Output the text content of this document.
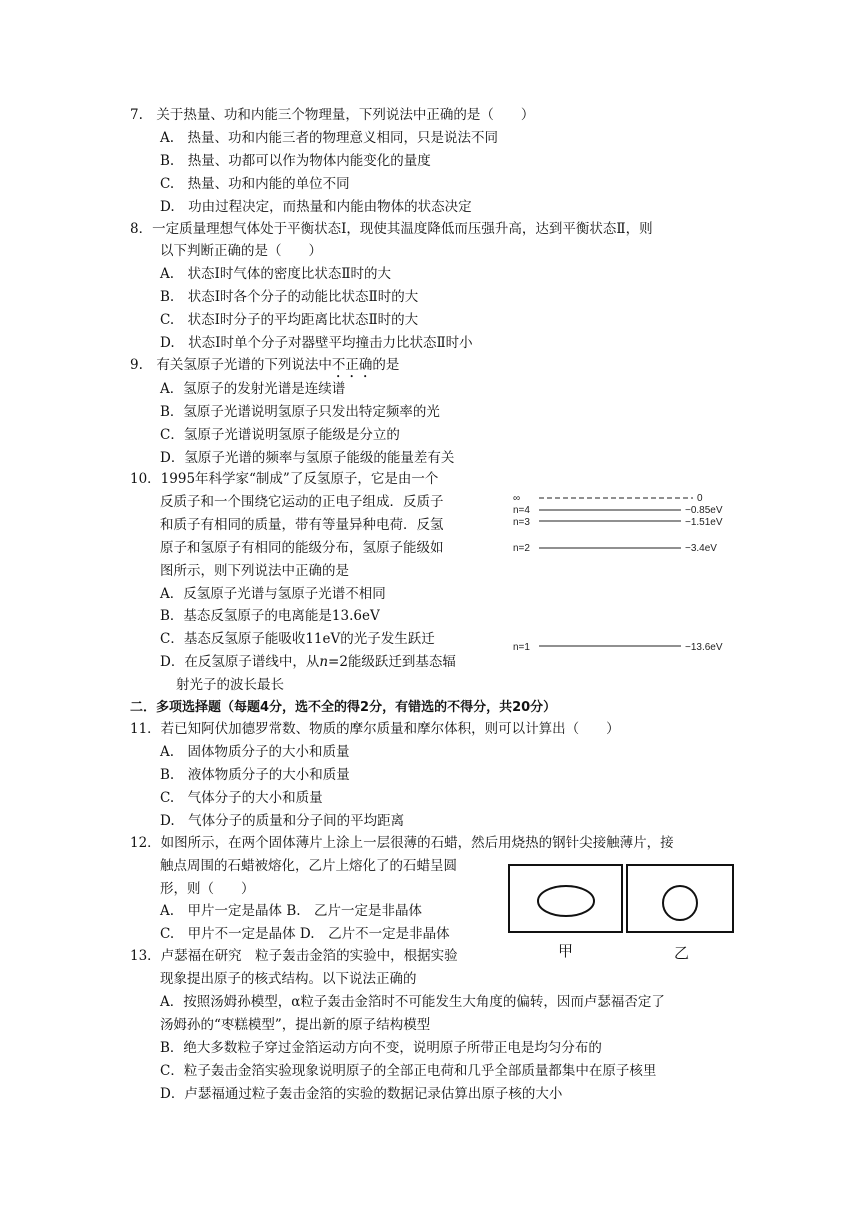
7.　关于热量、功和内能三个物理量，下列说法中正确的是（　　）
A.　热量、功和内能三者的物理意义相同，只是说法不同
B.　热量、功都可以作为物体内能变化的量度
C.　热量、功和内能的单位不同
D.　功由过程决定，而热量和内能由物体的状态决定
8．一定质量理想气体处于平衡状态Ⅰ，现使其温度降低而压强升高，达到平衡状态Ⅱ，则
以下判断正确的是（　　）
A.　状态Ⅰ时气体的密度比状态Ⅱ时的大
B.　状态Ⅰ时各个分子的动能比状态Ⅱ时的大
C.　状态Ⅰ时分子的平均距离比状态Ⅱ时的大
D.　状态Ⅰ时单个分子对器壁平均撞击力比状态Ⅱ时小
9.　有关氢原子光谱的下列说法中不正确的是
A．氢原子的发射光谱是连续谱
B．氢原子光谱说明氢原子只发出特定频率的光
C．氢原子光谱说明氢原子能级是分立的
D．氢原子光谱的频率与氢原子能级的能量差有关
10．1995年科学家“制成”了反氢原子，它是由一个
反质子和一个围绕它运动的正电子组成．反质子
和质子有相同的质量，带有等量异种电荷．反氢
原子和氢原子有相同的能级分布，氢原子能级如
图所示，则下列说法中正确的是
A．反氢原子光谱与氢原子光谱不相同
B．基态反氢原子的电离能是13.6eV
C．基态反氢原子能吸收11eV的光子发生跃迁
D．在反氢原子谱线中，从n=2能级跃迁到基态辐
射光子的波长最长
∞	0
n=4	−0.85eV
n=3	−1.51eV
n=2	−3.4eV
n=1	−13.6eV
二．多项选择题（每题4分，选不全的得2分，有错选的不得分，共20分）
11．若已知阿伏加德罗常数、物质的摩尔质量和摩尔体积，则可以计算出（　　）
A.　固体物质分子的大小和质量
B.　液体物质分子的大小和质量
C.　气体分子的大小和质量
D.　气体分子的质量和分子间的平均距离
12．如图所示，在两个固体薄片上涂上一层很薄的石蜡，然后用烧热的钢针尖接触薄片，接
触点周围的石蜡被熔化，乙片上熔化了的石蜡呈圆
形，则（　　）
A.　甲片一定是晶体 B.　乙片一定是非晶体
C.　甲片不一定是晶体 D.　乙片不一定是非晶体
甲	乙
13．卢瑟福在研究　粒子轰击金箔的实验中，根据实验
现象提出原子的核式结构。以下说法正确的
A．按照汤姆孙模型，α粒子轰击金箔时不可能发生大角度的偏转，因而卢瑟福否定了
汤姆孙的“枣糕模型”，提出新的原子结构模型
B．绝大多数粒子穿过金箔运动方向不变，说明原子所带正电是均匀分布的
C．粒子轰击金箔实验现象说明原子的全部正电荷和几乎全部质量都集中在原子核里
D．卢瑟福通过粒子轰击金箔的实验的数据记录估算出原子核的大小
